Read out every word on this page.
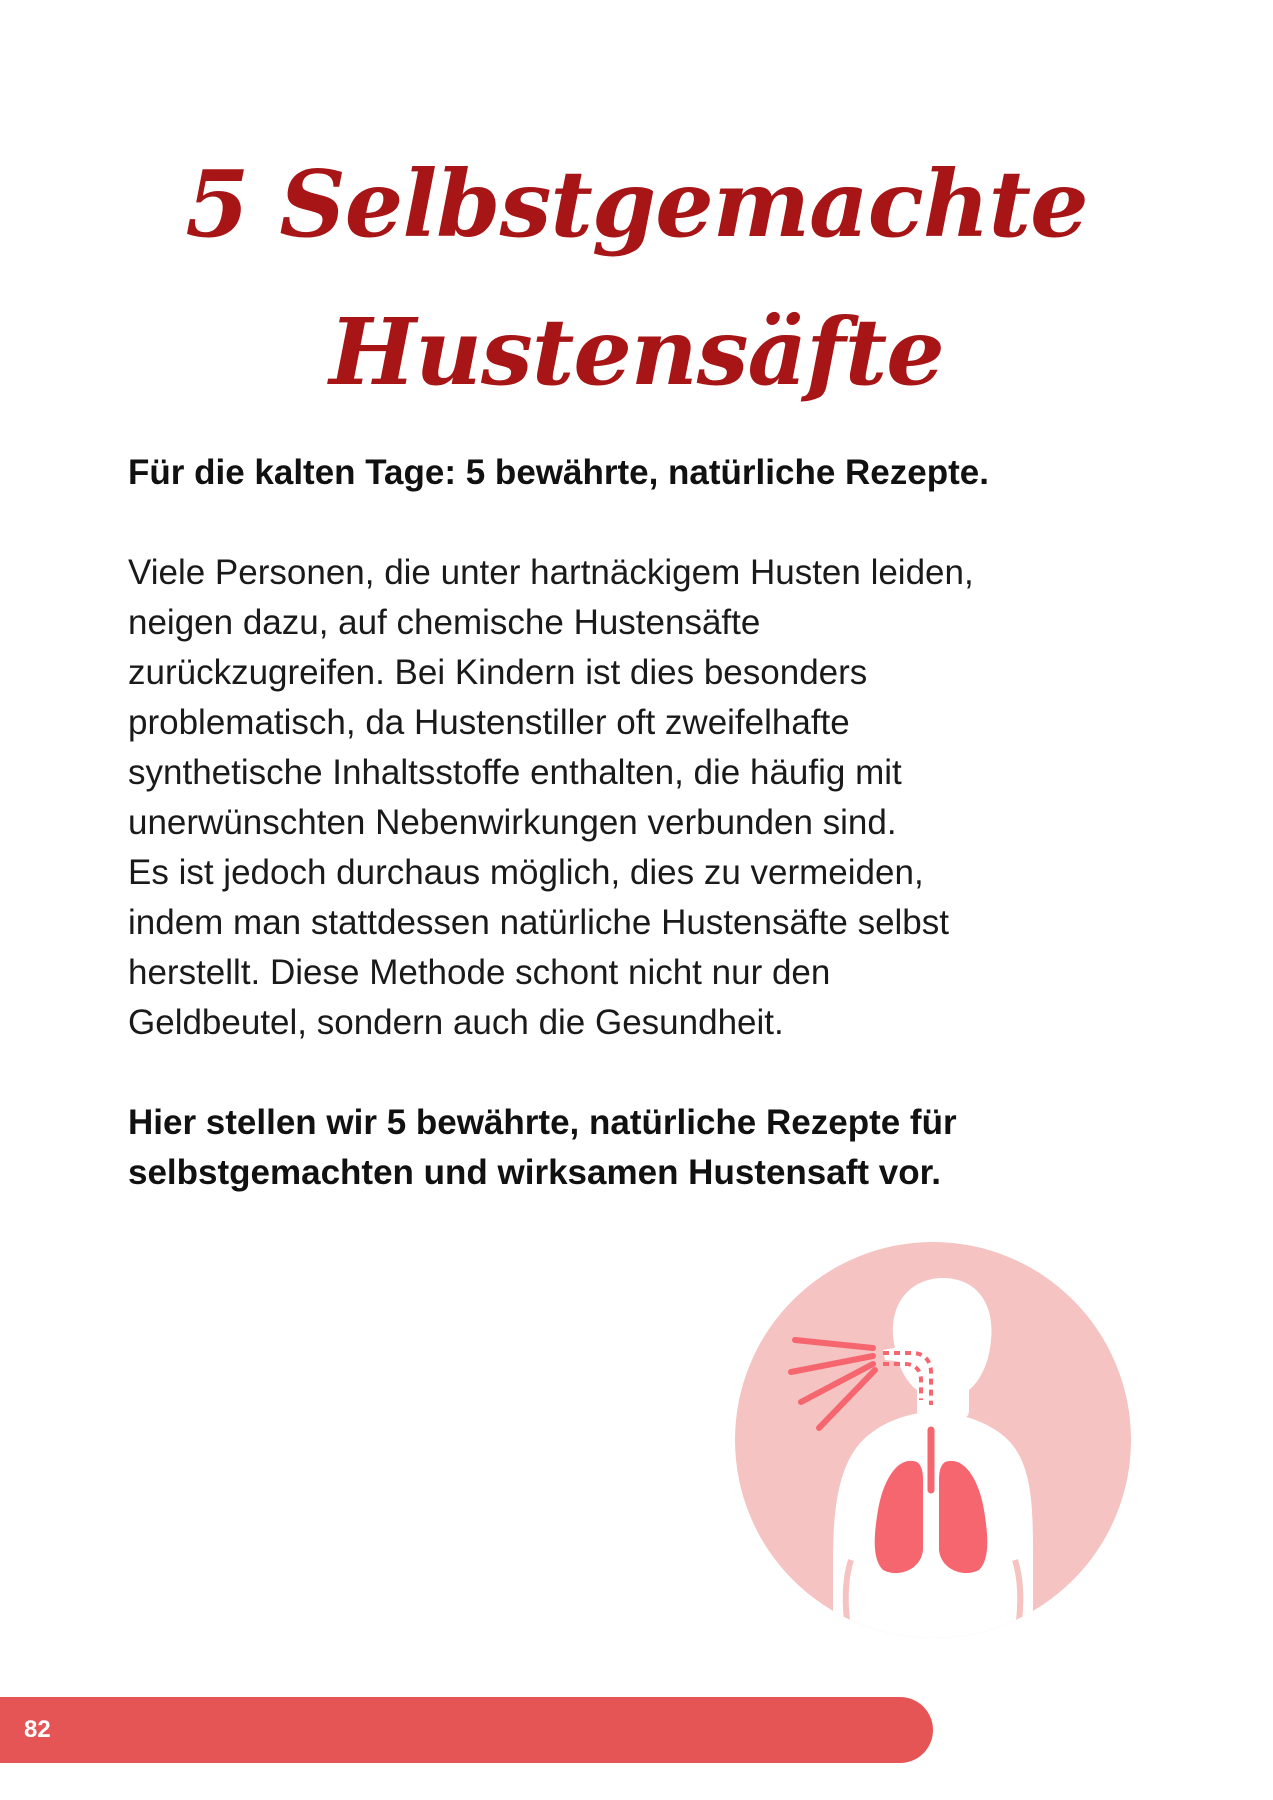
5 Selbstgemachte
Hustensäfte
Für die kalten Tage: 5 bewährte, natürliche Rezepte.
Viele Personen, die unter hartnäckigem Husten leiden,
neigen dazu, auf chemische Hustensäfte
zurückzugreifen. Bei Kindern ist dies besonders
problematisch, da Hustenstiller oft zweifelhafte
synthetische Inhaltsstoffe enthalten, die häufig mit
unerwünschten Nebenwirkungen verbunden sind.
Es ist jedoch durchaus möglich, dies zu vermeiden,
indem man stattdessen natürliche Hustensäfte selbst
herstellt. Diese Methode schont nicht nur den
Geldbeutel, sondern auch die Gesundheit.
Hier stellen wir 5 bewährte, natürliche Rezepte für
selbstgemachten und wirksamen Hustensaft vor.
82
